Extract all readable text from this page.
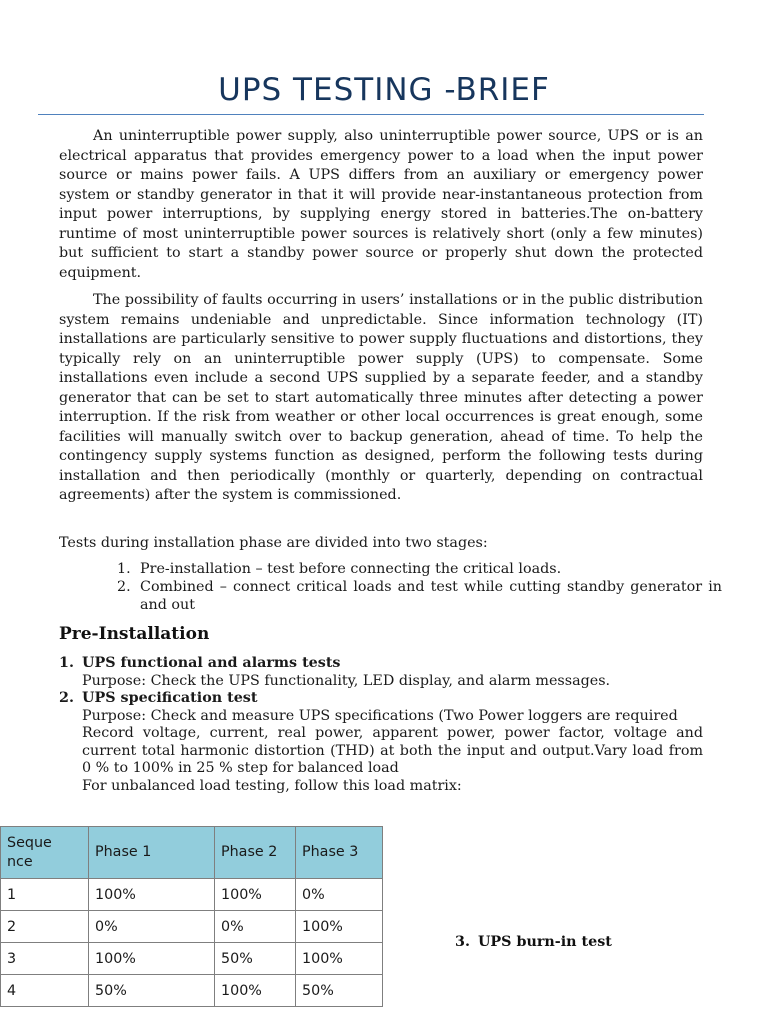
UPS TESTING -BRIEF

An uninterruptible power supply, also uninterruptible power source, UPS or is an electrical apparatus that provides emergency power to a load when the input power source or mains power fails. A UPS differs from an auxiliary or emergency power system or standby generator in that it will provide near-instantaneous protection from input power interruptions, by supplying energy stored in batteries.The on-battery runtime of most uninterruptible power sources is relatively short (only a few minutes) but sufficient to start a standby power source or properly shut down the protected equipment.

The possibility of faults occurring in users’ installations or in the public distribution system remains undeniable and unpredictable. Since information technology (IT) installations are particularly sensitive to power supply fluctuations and distortions, they typically rely on an uninterruptible power supply (UPS) to compensate. Some installations even include a second UPS supplied by a separate feeder, and a standby generator that can be set to start automatically three minutes after detecting a power interruption. If the risk from weather or other local occurrences is great enough, some facilities will manually switch over to backup generation, ahead of time. To help the contingency supply systems function as designed, perform the following tests during installation and then periodically (monthly or quarterly, depending on contractual agreements) after the system is commissioned.

Tests during installation phase are divided into two stages:

1. Pre-installation – test before connecting the critical loads.
2. Combined – connect critical loads and test while cutting standby generator in and out
Pre-Installation
1. UPS functional and alarms tests
Purpose: Check the UPS functionality, LED display, and alarm messages.
2. UPS specification test
Purpose: Check and measure UPS specifications (Two Power loggers are required
Record voltage, current, real power, apparent power, power factor, voltage and current total harmonic distortion (THD) at both the input and output.Vary load from 0 % to 100% in 25 % step for balanced load
For unbalanced load testing, follow this load matrix:
Seque nce	Phase 1	Phase 2	Phase 3
1	100%	100%	0%
2	0%	0%	100%
3	100%	50%	100%
4	50%	100%	50%
3. UPS burn-in test
